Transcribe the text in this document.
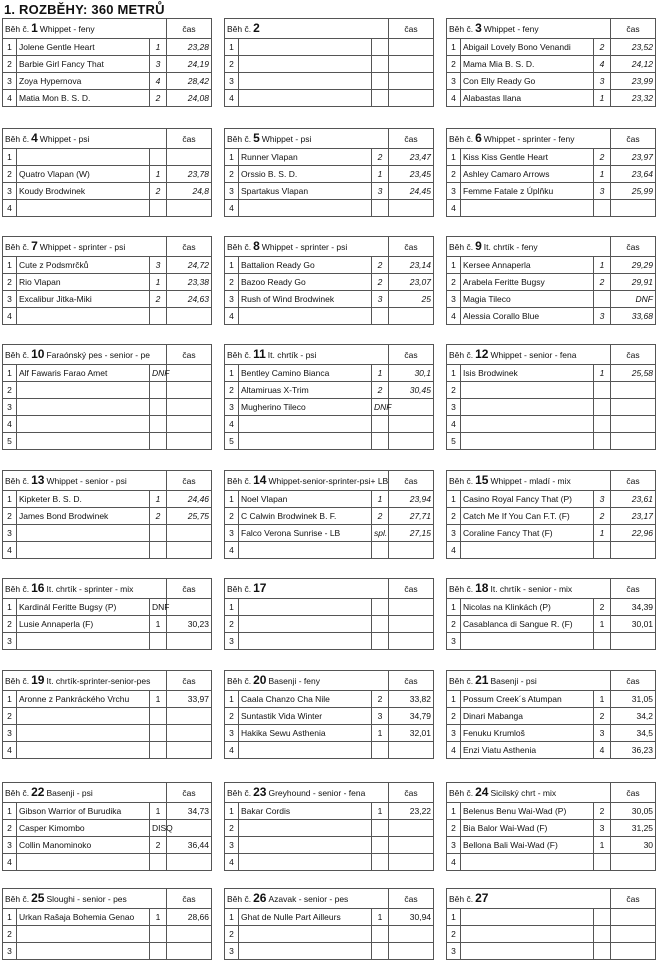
1. ROZBĚHY: 360 METRŮ
Běh č. 1 Whippet - feny			čas
1	Jolene Gentle Heart	1	23,28
2	Barbie Girl Fancy That	3	24,19
3	Zoya Hypernova	4	28,42
4	Matia Mon B. S. D.	2	24,08
Běh č. 2			čas
1			
2			
3			
4			
Běh č. 3 Whippet - feny			čas
1	Abigail Lovely Bono Venandi	2	23,52
2	Mama Mia B. S. D.	4	24,12
3	Con Elly Ready Go	3	23,99
4	Alabastas Ilana	1	23,32
Běh č. 4 Whippet - psi			čas
1			
2	Quatro Vlapan (W)	1	23,78
3	Koudy Brodwinek	2	24,8
4			
Běh č. 5 Whippet - psi			čas
1	Runner Vlapan	2	23,47
2	Orssio B. S. D.	1	23,45
3	Spartakus Vlapan	3	24,45
4			
Běh č. 6 Whippet - sprinter - feny			čas
1	Kiss Kiss Gentle Heart	2	23,97
2	Ashley Camaro Arrows	1	23,64
3	Femme Fatale z Úplňku	3	25,99
4			
Běh č. 7 Whippet - sprinter - psi			čas
1	Cute z Podsmrčků	3	24,72
2	Rio Vlapan	1	23,38
3	Excalibur Jitka-Miki	2	24,63
4			
Běh č. 8 Whippet - sprinter - psi			čas
1	Battalion Ready Go	2	23,14
2	Bazoo Ready Go	2	23,07
3	Rush of Wind Brodwinek	3	25
4			
Běh č. 9 It. chrtík - feny			čas
1	Kersee Annaperla	1	29,29
2	Arabela Feritte Bugsy	2	29,91
3	Magia Tileco		DNF
4	Alessia Corallo Blue	3	33,68
Běh č. 10 Faraónský pes - senior - pe			čas
1	Alf Fawaris Farao Amet	DNF	
2			
3			
4			
5			
Běh č. 11 It. chrtík - psi			čas
1	Bentley Camino Bianca	1	30,1
2	Altamiruas X-Trim	2	30,45
3	Mugherino Tileco	DNF	
4			
5			
Běh č. 12 Whippet - senior - fena			čas
1	Isis Brodwinek	1	25,58
2			
3			
4			
5			
Běh č. 13 Whippet - senior - psi			čas
1	Kipketer B. S. D.	1	24,46
2	James Bond Brodwinek	2	25,75
3			
4			
Běh č. 14 Whippet-senior-sprinter-psi+ LB			čas
1	Noel Vlapan	1	23,94
2	C Calwin Brodwinek B. F.	2	27,71
3	Falco Verona Sunrise - LB	spl.	27,15
4			
Běh č. 15 Whippet - mladí - mix			čas
1	Casino Royal Fancy That (P)	3	23,61
2	Catch Me If You Can F.T. (F)	2	23,17
3	Coraline Fancy That (F)	1	22,96
4			
Běh č. 16 It. chrtík - sprinter - mix			čas
1	Kardinál Feritte Bugsy (P)	DNF	
2	Lusie Annaperla (F)	1	30,23
3			
Běh č. 17			čas
1			
2			
3			
Běh č. 18 It. chrtík - senior - mix			čas
1	Nicolas na Klinkách (P)	2	34,39
2	Casablanca di Sangue R. (F)	1	30,01
3			
Běh č. 19 It. chrtík-sprinter-senior-pes			čas
1	Aronne z Pankráckého Vrchu	1	33,97
2			
3			
4			
Běh č. 20 Basenji - feny			čas
1	Caala Chanzo Cha Nile	2	33,82
2	Suntastik Vida Winter	3	34,79
3	Hakika Sewu Asthenia	1	32,01
4			
Běh č. 21 Basenji - psi			čas
1	Possum Creek´s Atumpan	1	31,05
2	Dinari Mabanga	2	34,2
3	Fenuku Krumloš	3	34,5
4	Enzi Viatu Asthenia	4	36,23
Běh č. 22 Basenji - psi			čas
1	Gibson Warrior of Burudika	1	34,73
2	Casper Kimombo	DISQ	
3	Collin Manominoko	2	36,44
4			
Běh č. 23 Greyhound - senior - fena			čas
1	Bakar Cordis	1	23,22
2			
3			
4			
Běh č. 24 Sicilský chrt - mix			čas
1	Belenus Benu Wai-Wad (P)	2	30,05
2	Bia Balor Wai-Wad (F)	3	31,25
3	Bellona Bali Wai-Wad (F)	1	30
4			
Běh č. 25 Sloughi - senior - pes			čas
1	Urkan Rašaja Bohemia Genao	1	28,66
2			
3			
Běh č. 26 Azavak - senior - pes			čas
1	Ghat de Nulle Part Ailleurs	1	30,94
2			
3			
Běh č. 27			čas
1			
2			
3			
